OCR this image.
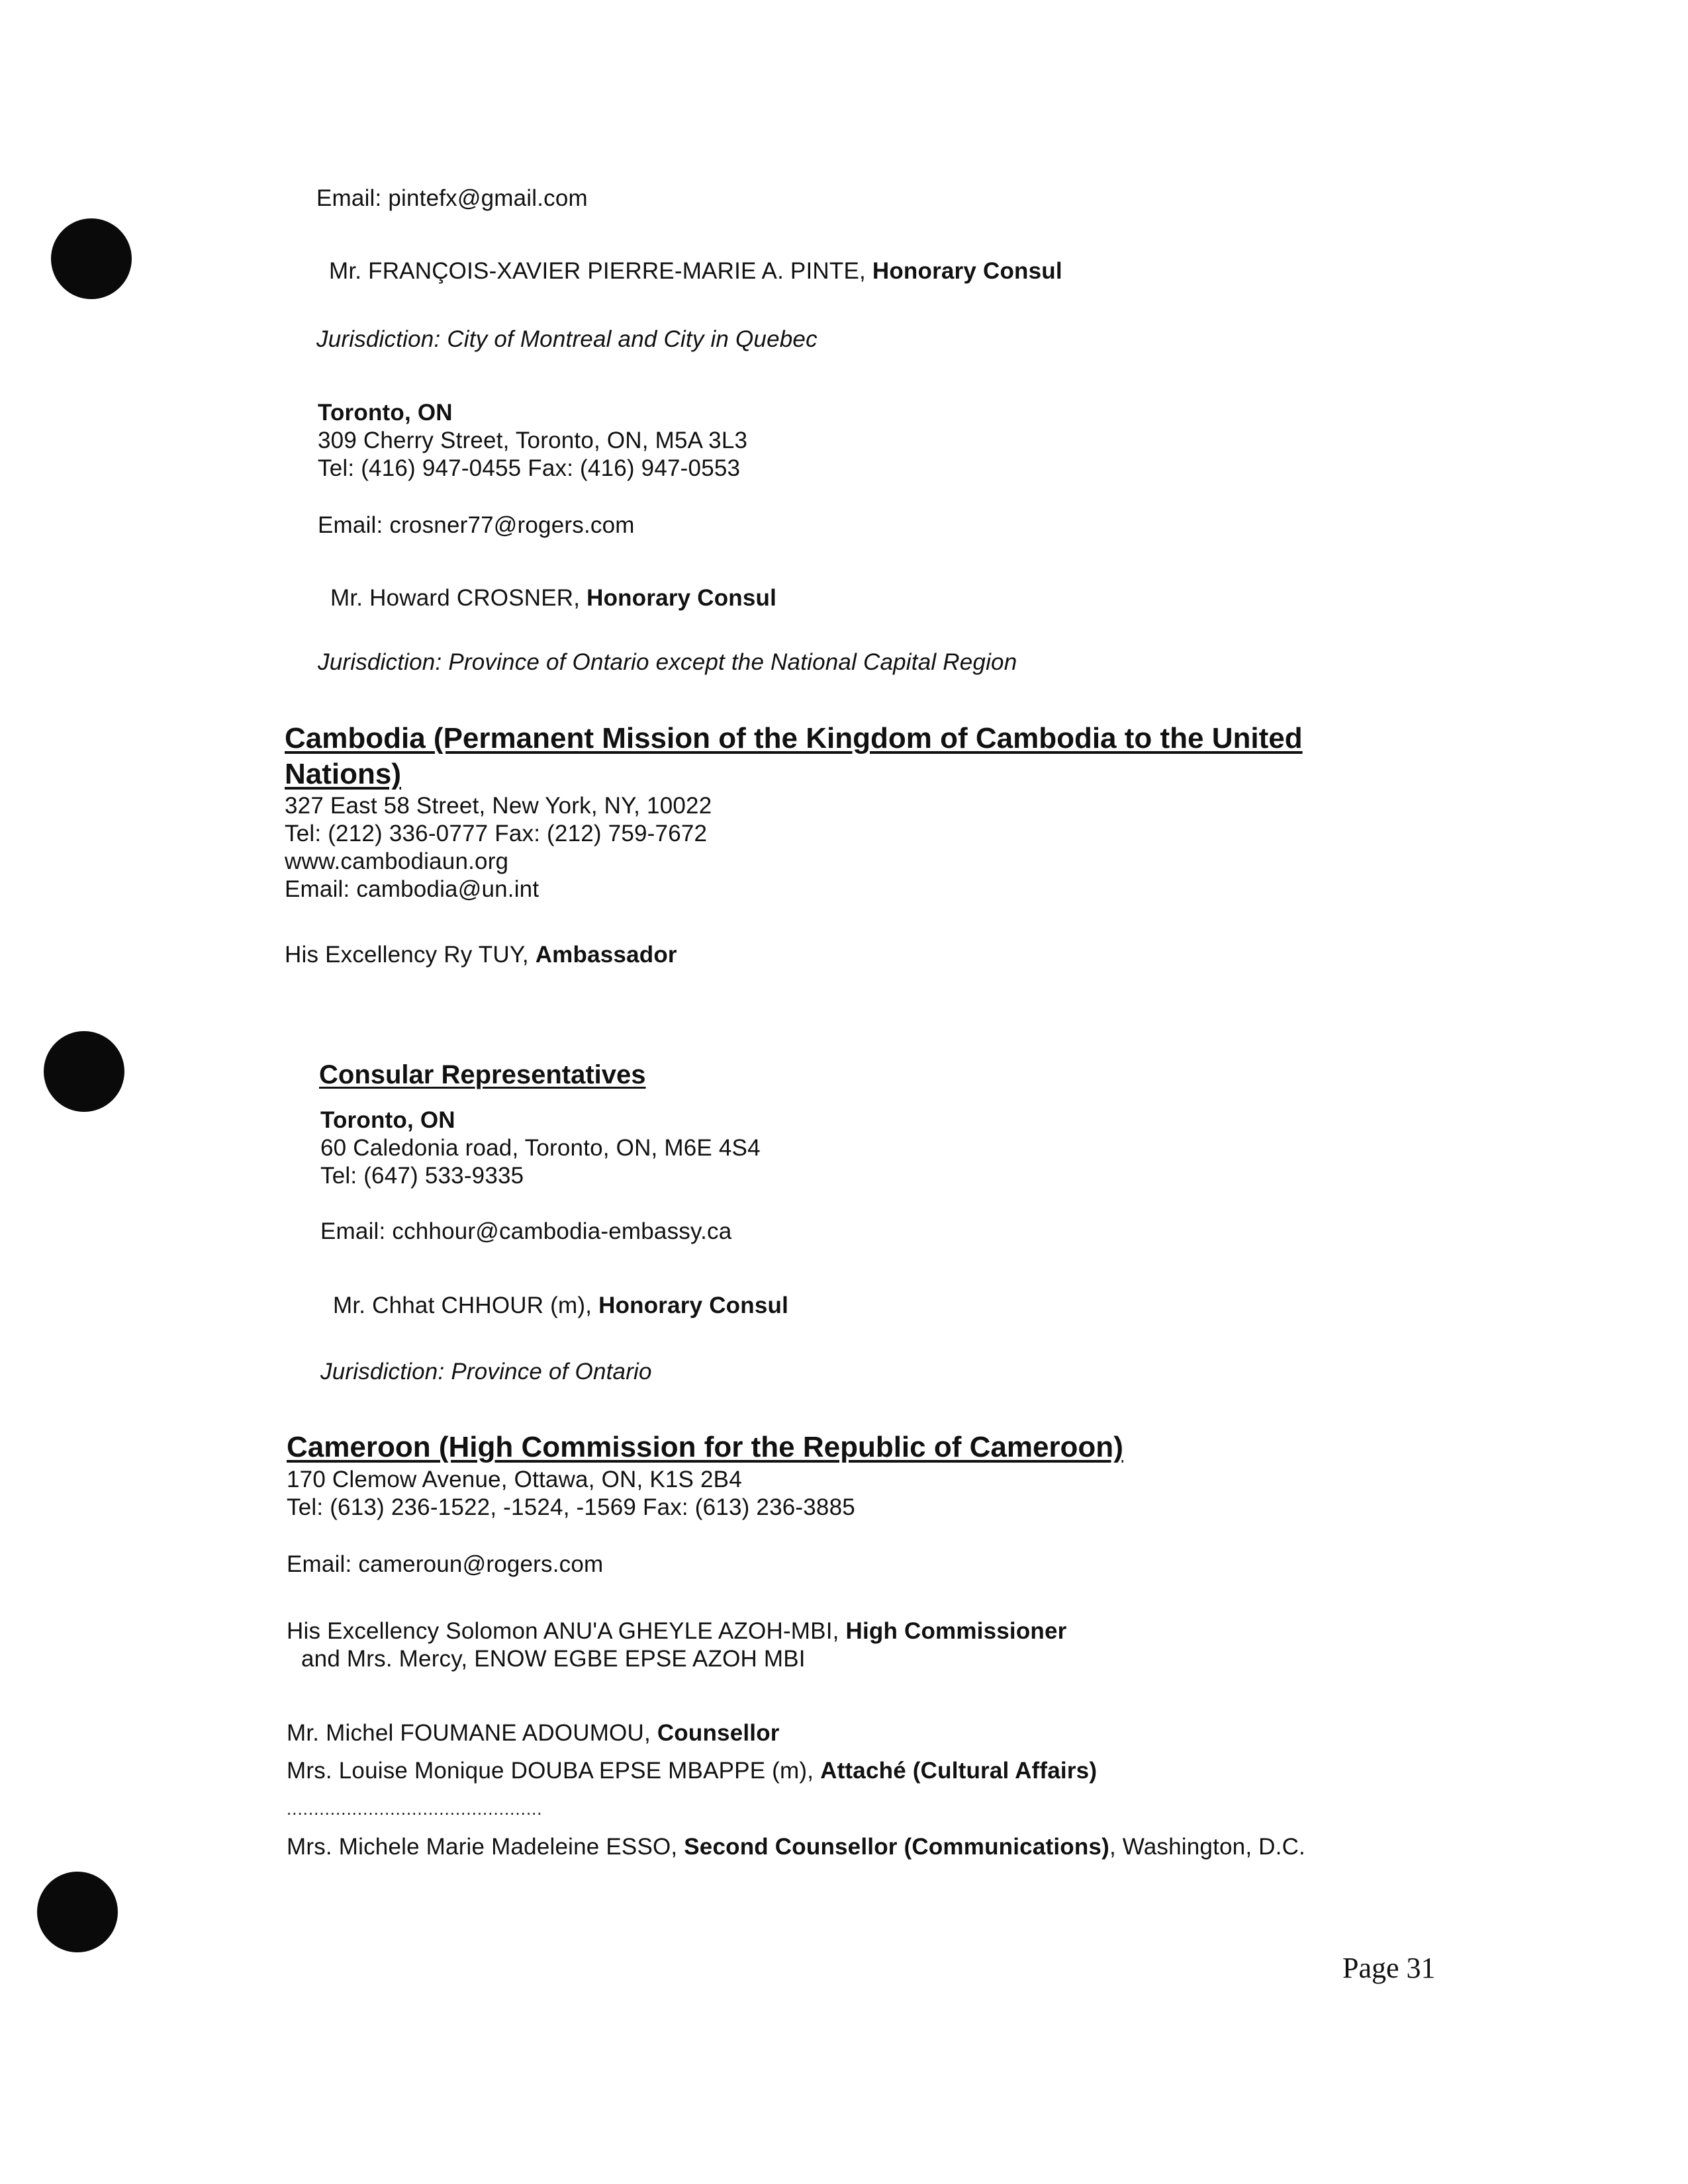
Email: pintefx@gmail.com
Mr. FRANÇOIS-XAVIER PIERRE-MARIE A. PINTE, Honorary Consul
Jurisdiction: City of Montreal and City in Quebec
Toronto, ON
309 Cherry Street, Toronto, ON, M5A 3L3
Tel: (416) 947-0455 Fax: (416) 947-0553
Email: crosner77@rogers.com
Mr. Howard CROSNER, Honorary Consul
Jurisdiction: Province of Ontario except the National Capital Region
Cambodia (Permanent Mission of the Kingdom of Cambodia to the United
Nations)
327 East 58 Street, New York, NY, 10022
Tel: (212) 336-0777 Fax: (212) 759-7672
www.cambodiaun.org
Email: cambodia@un.int
His Excellency Ry TUY, Ambassador
Consular Representatives
Toronto, ON
60 Caledonia road, Toronto, ON, M6E 4S4
Tel: (647) 533-9335
Email: cchhour@cambodia-embassy.ca
Mr. Chhat CHHOUR (m), Honorary Consul
Jurisdiction: Province of Ontario
Cameroon (High Commission for the Republic of Cameroon)
170 Clemow Avenue, Ottawa, ON, K1S 2B4
Tel: (613) 236-1522, -1524, -1569 Fax: (613) 236-3885
Email: cameroun@rogers.com
His Excellency Solomon ANU'A GHEYLE AZOH-MBI, High Commissioner
and Mrs. Mercy, ENOW EGBE EPSE AZOH MBI
Mr. Michel FOUMANE ADOUMOU, Counsellor
Mrs. Louise Monique DOUBA EPSE MBAPPE (m), Attaché (Cultural Affairs)
...............................................
Mrs. Michele Marie Madeleine ESSO, Second Counsellor (Communications), Washington, D.C.
Page 31
